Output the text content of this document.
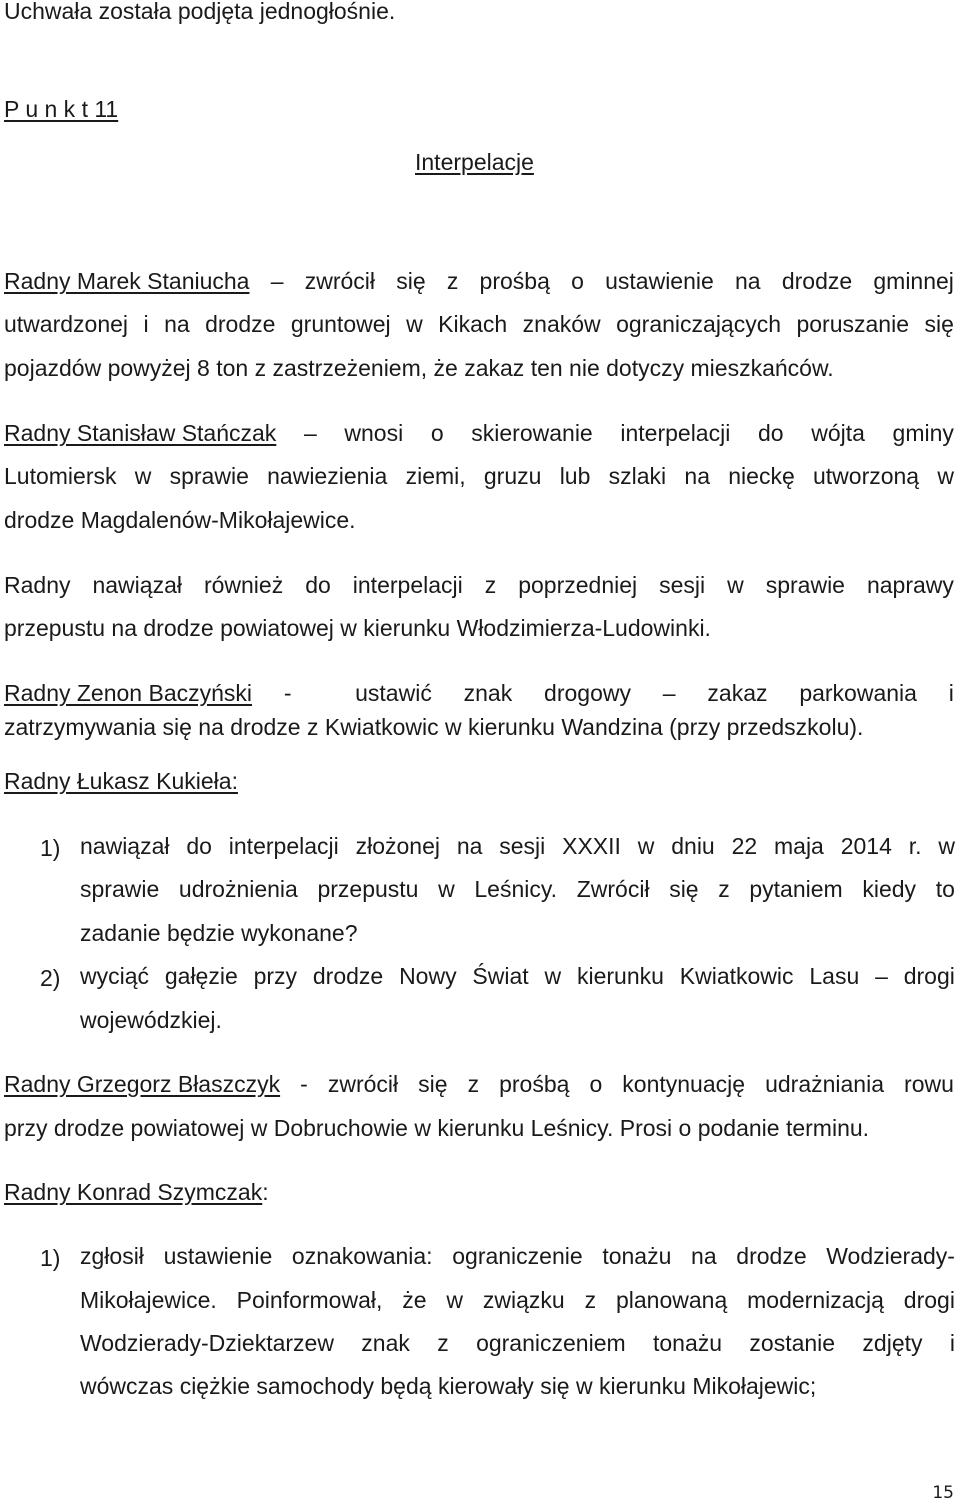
Uchwała została podjęta jednogłośnie.
P u n k t 11
Interpelacje
Radny Marek Staniucha – zwrócił się z prośbą o ustawienie na drodze gminnej
utwardzonej i na drodze gruntowej w Kikach znaków ograniczających poruszanie się
pojazdów powyżej 8 ton z zastrzeżeniem, że zakaz ten nie dotyczy mieszkańców.
Radny Stanisław Stańczak – wnosi o skierowanie interpelacji do wójta gminy
Lutomiersk w sprawie nawiezienia ziemi, gruzu lub szlaki na nieckę utworzoną w
drodze Magdalenów-Mikołajewice.
Radny nawiązał również do interpelacji z poprzedniej sesji w sprawie naprawy
przepustu na drodze powiatowej w kierunku Włodzimierza-Ludowinki.
Radny Zenon Baczyński -	ustawić znak drogowy – zakaz parkowania i
zatrzymywania się na drodze z Kwiatkowic w kierunku Wandzina (przy przedszkolu).
Radny Łukasz Kukieła:
1) nawiązał do interpelacji złożonej na sesji XXXII w dniu 22 maja 2014 r. w
sprawie udrożnienia przepustu w Leśnicy. Zwrócił się z pytaniem kiedy to
zadanie będzie wykonane?
2) wyciąć gałęzie przy drodze Nowy Świat w kierunku Kwiatkowic Lasu – drogi
wojewódzkiej.
Radny Grzegorz Błaszczyk - zwrócił się z prośbą o kontynuację udrażniania rowu
przy drodze powiatowej w Dobruchowie w kierunku Leśnicy. Prosi o podanie terminu.
Radny Konrad Szymczak:
1) zgłosił ustawienie oznakowania: ograniczenie tonażu na drodze Wodzierady-
Mikołajewice. Poinformował, że w związku z planowaną modernizacją drogi
Wodzierady-Dziektarzew znak z ograniczeniem tonażu zostanie zdjęty i
wówczas ciężkie samochody będą kierowały się w kierunku Mikołajewic;
15
